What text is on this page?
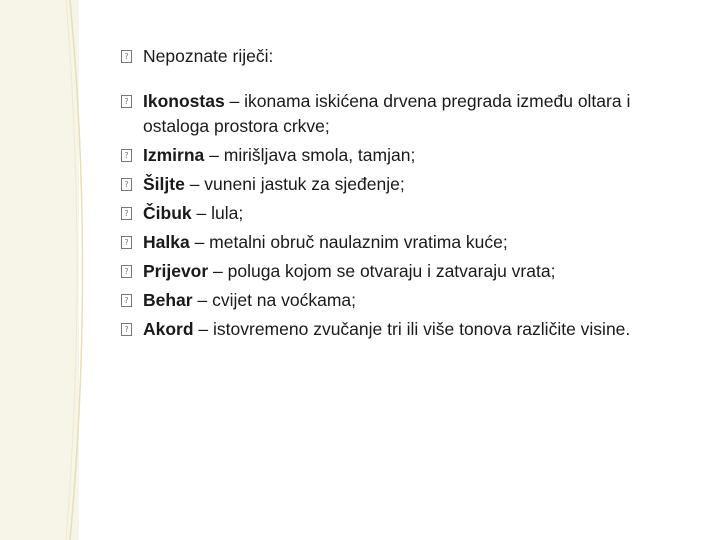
? Nepoznate riječi:
? Ikonostas – ikonama iskićena drvena pregrada između oltara i ostaloga prostora crkve;
? Izmirna – mirišljava smola, tamjan;
? Šiljte – vuneni jastuk za sjeđenje;
? Čibuk – lula;
? Halka – metalni obruč naulaznim vratima kuće;
? Prijevor – poluga kojom se otvaraju i zatvaraju vrata;
? Behar – cvijet na voćkama;
? Akord – istovremeno zvučanje tri ili više tonova različite visine.
